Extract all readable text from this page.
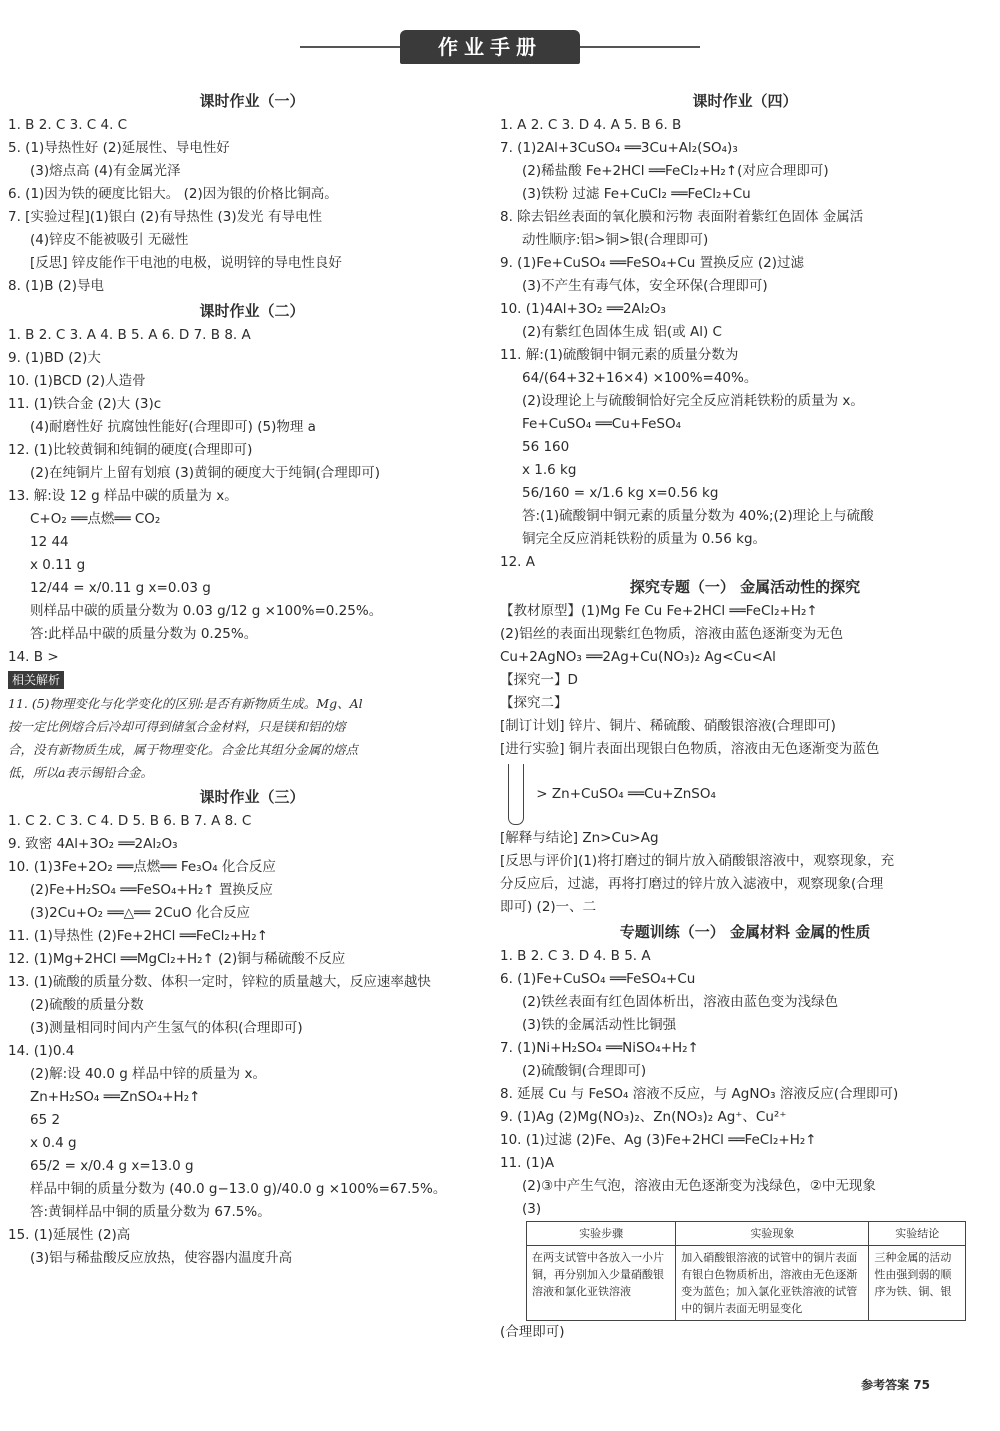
作业手册
课时作业（一）
1. B 2. C 3. C 4. C
5. (1)导热性好 (2)延展性、导电性好
(3)熔点高 (4)有金属光泽
6. (1)因为铁的硬度比铝大。 (2)因为银的价格比铜高。
7. [实验过程](1)银白 (2)有导热性 (3)发光 有导电性
(4)锌皮不能被吸引 无磁性
[反思] 锌皮能作干电池的电极，说明锌的导电性良好
8. (1)B (2)导电
课时作业（二）
1. B 2. C 3. A 4. B 5. A 6. D 7. B 8. A
9. (1)BD (2)大
10. (1)BCD (2)人造骨
11. (1)铁合金 (2)大 (3)c
(4)耐磨性好 抗腐蚀性能好(合理即可) (5)物理 a
12. (1)比较黄铜和纯铜的硬度(合理即可)
(2)在纯铜片上留有划痕 (3)黄铜的硬度大于纯铜(合理即可)
13. 解:设 12 g 样品中碳的质量为 x。
C+O₂ ══点燃══ CO₂
12 44
x 0.11 g
12/44 = x/0.11 g x=0.03 g
则样品中碳的质量分数为 0.03 g/12 g ×100%=0.25%。
答:此样品中碳的质量分数为 0.25%。
14. B >
相关解析
11. (5)物理变化与化学变化的区别:是否有新物质生成。Mg、Al
按一定比例熔合后冷却可得到储氢合金材料，只是镁和铝的熔
合，没有新物质生成，属于物理变化。合金比其组分金属的熔点
低，所以a表示锡铅合金。
课时作业（三）
1. C 2. C 3. C 4. D 5. B 6. B 7. A 8. C
9. 致密 4Al+3O₂ ══2Al₂O₃
10. (1)3Fe+2O₂ ══点燃══ Fe₃O₄ 化合反应
(2)Fe+H₂SO₄ ══FeSO₄+H₂↑ 置换反应
(3)2Cu+O₂ ══△══ 2CuO 化合反应
11. (1)导热性 (2)Fe+2HCl ══FeCl₂+H₂↑
12. (1)Mg+2HCl ══MgCl₂+H₂↑ (2)铜与稀硫酸不反应
13. (1)硫酸的质量分数、体积一定时，锌粒的质量越大，反应速率越快
(2)硫酸的质量分数
(3)测量相同时间内产生氢气的体积(合理即可)
14. (1)0.4
(2)解:设 40.0 g 样品中锌的质量为 x。
Zn+H₂SO₄ ══ZnSO₄+H₂↑
65 2
x 0.4 g
65/2 = x/0.4 g x=13.0 g
样品中铜的质量分数为 (40.0 g−13.0 g)/40.0 g ×100%=67.5%。
答:黄铜样品中铜的质量分数为 67.5%。
15. (1)延展性 (2)高
(3)铝与稀盐酸反应放热，使容器内温度升高
课时作业（四）
1. A 2. C 3. D 4. A 5. B 6. B
7. (1)2Al+3CuSO₄ ══3Cu+Al₂(SO₄)₃
(2)稀盐酸 Fe+2HCl ══FeCl₂+H₂↑(对应合理即可)
(3)铁粉 过滤 Fe+CuCl₂ ══FeCl₂+Cu
8. 除去铝丝表面的氧化膜和污物 表面附着紫红色固体 金属活
动性顺序:铝>铜>银(合理即可)
9. (1)Fe+CuSO₄ ══FeSO₄+Cu 置换反应 (2)过滤
(3)不产生有毒气体，安全环保(合理即可)
10. (1)4Al+3O₂ ══2Al₂O₃
(2)有紫红色固体生成 铝(或 Al) C
11. 解:(1)硫酸铜中铜元素的质量分数为
64/(64+32+16×4) ×100%=40%。
(2)设理论上与硫酸铜恰好完全反应消耗铁粉的质量为 x。
Fe+CuSO₄ ══Cu+FeSO₄
56 160
x 1.6 kg
56/160 = x/1.6 kg x=0.56 kg
答:(1)硫酸铜中铜元素的质量分数为 40%;(2)理论上与硫酸
铜完全反应消耗铁粉的质量为 0.56 kg。
12. A
探究专题（一） 金属活动性的探究
【教材原型】(1)Mg Fe Cu Fe+2HCl ══FeCl₂+H₂↑
(2)铝丝的表面出现紫红色物质，溶液由蓝色逐渐变为无色
Cu+2AgNO₃ ══2Ag+Cu(NO₃)₂ Ag<Cu<Al
【探究一】D
【探究二】
[制订计划] 锌片、铜片、稀硫酸、硝酸银溶液(合理即可)
[进行实验] 铜片表面出现银白色物质，溶液由无色逐渐变为蓝色
> Zn+CuSO₄ ══Cu+ZnSO₄
[解释与结论] Zn>Cu>Ag
[反思与评价](1)将打磨过的铜片放入硝酸银溶液中，观察现象，充
分反应后，过滤，再将打磨过的锌片放入滤液中，观察现象(合理
即可) (2)一、二
专题训练（一） 金属材料 金属的性质
1. B 2. C 3. D 4. B 5. A
6. (1)Fe+CuSO₄ ══FeSO₄+Cu
(2)铁丝表面有红色固体析出，溶液由蓝色变为浅绿色
(3)铁的金属活动性比铜强
7. (1)Ni+H₂SO₄ ══NiSO₄+H₂↑
(2)硫酸铜(合理即可)
8. 延展 Cu 与 FeSO₄ 溶液不反应，与 AgNO₃ 溶液反应(合理即可)
9. (1)Ag (2)Mg(NO₃)₂、Zn(NO₃)₂ Ag⁺、Cu²⁺
10. (1)过滤 (2)Fe、Ag (3)Fe+2HCl ══FeCl₂+H₂↑
11. (1)A
(2)③中产生气泡，溶液由无色逐渐变为浅绿色，②中无现象
(3)
实验步骤	实验现象	实验结论
在两支试管中各放入一小片铜，再分别加入少量硝酸银溶液和氯化亚铁溶液	加入硝酸银溶液的试管中的铜片表面有银白色物质析出，溶液由无色逐渐变为蓝色；加入氯化亚铁溶液的试管中的铜片表面无明显变化	三种金属的活动性由强到弱的顺序为铁、铜、银
(合理即可)
参考答案 75
